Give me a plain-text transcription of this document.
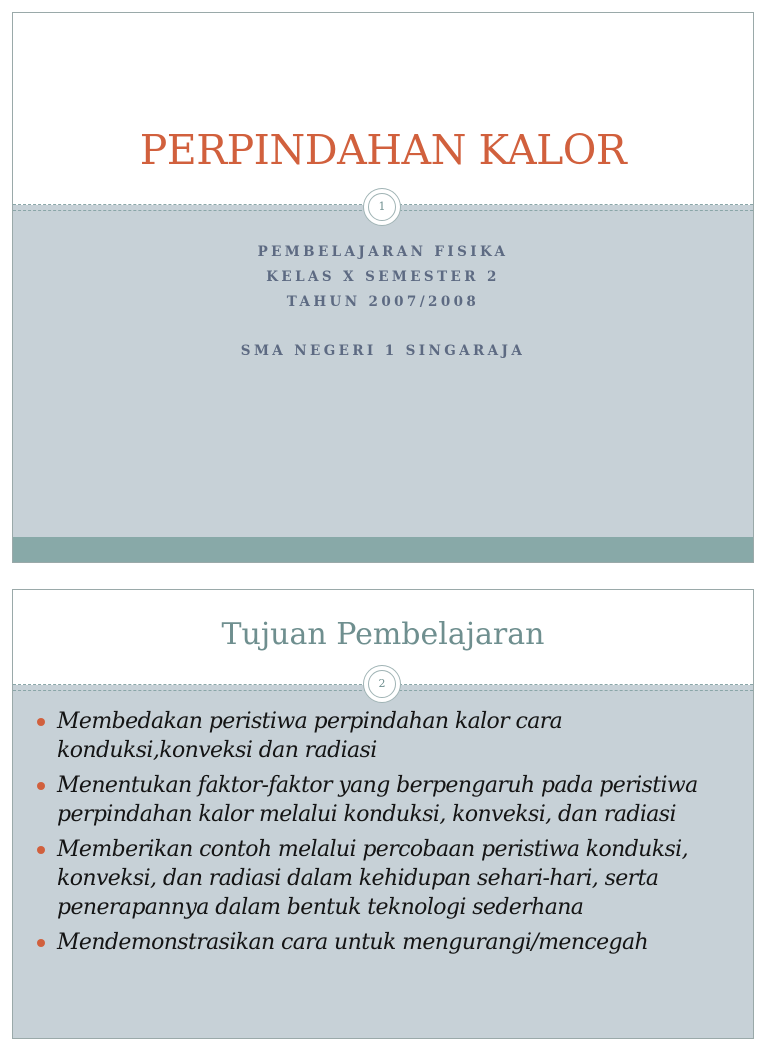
PERPINDAHAN KALOR
1
PEMBELAJARAN FISIKA
KELAS X SEMESTER 2
TAHUN 2007/2008
SMA NEGERI 1 SINGARAJA
Tujuan Pembelajaran
2
Membedakan peristiwa perpindahan kalor cara konduksi,konveksi dan radiasi
Menentukan faktor-faktor yang berpengaruh pada peristiwa perpindahan kalor melalui konduksi, konveksi, dan radiasi
Memberikan contoh melalui percobaan peristiwa konduksi, konveksi, dan radiasi dalam kehidupan sehari-hari, serta penerapannya dalam bentuk teknologi sederhana
Mendemonstrasikan cara untuk mengurangi/mencegah
